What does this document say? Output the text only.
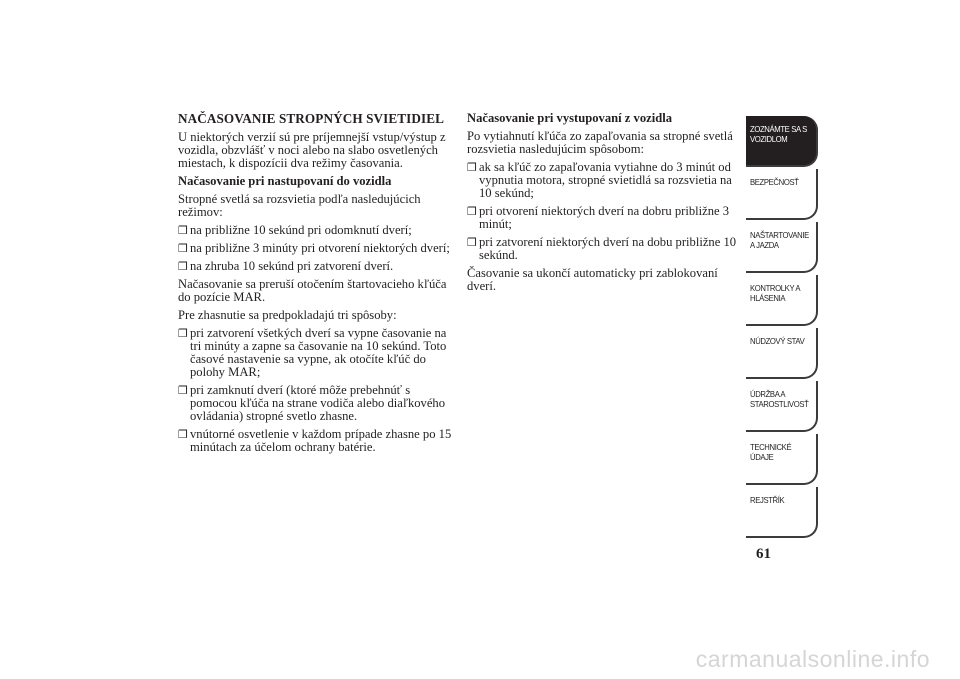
NAČASOVANIE STROPNÝCH SVIETIDIEL

U niektorých verzií sú pre príjemnejší vstup/výstup z vozidla, obzvlášť v noci alebo na slabo osvetlených miestach, k dispozícii dva režimy časovania.

Načasovanie pri nastupovaní do vozidla

Stropné svetlá sa rozsvietia podľa nasledujúcich režimov:

❒ na približne 10 sekúnd pri odomknutí dverí;
❒ na približne 3 minúty pri otvorení niektorých dverí;
❒ na zhruba 10 sekúnd pri zatvorení dverí.

Načasovanie sa preruší otočením štartovacieho kľúča do pozície MAR.

Pre zhasnutie sa predpokladajú tri spôsoby:

❒ pri zatvorení všetkých dverí sa vypne časovanie na tri minúty a zapne sa časovanie na 10 sekúnd. Toto časové nastavenie sa vypne, ak otočíte kľúč do polohy MAR;
❒ pri zamknutí dverí (ktoré môže prebehnúť s pomocou kľúča na strane vodiča alebo diaľkového ovládania) stropné svetlo zhasne.
❒ vnútorné osvetlenie v každom prípade zhasne po 15 minútach za účelom ochrany batérie.

Načasovanie pri vystupovaní z vozidla

Po vytiahnutí kľúča zo zapaľovania sa stropné svetlá rozsvietia nasledujúcim spôsobom:

❒ ak sa kľúč zo zapaľovania vytiahne do 3 minút od vypnutia motora, stropné svietidlá sa rozsvietia na 10 sekúnd;
❒ pri otvorení niektorých dverí na dobru približne 3 minút;
❒ pri zatvorení niektorých dverí na dobu približne 10 sekúnd.

Časovanie sa ukončí automaticky pri zablokovaní dverí.

ZOZNÁMTE SA S
VOZIDLOM
BEZPEČNOSŤ
NAŠTARTOVANIE
A JAZDA
KONTROLKY A
HLÁSENIA
NÚDZOVÝ STAV
ÚDRŽBA A
STAROSTLIVOSŤ
TECHNICKÉ
ÚDAJE
REJSTŘÍK
61
carmanualsonline.info
